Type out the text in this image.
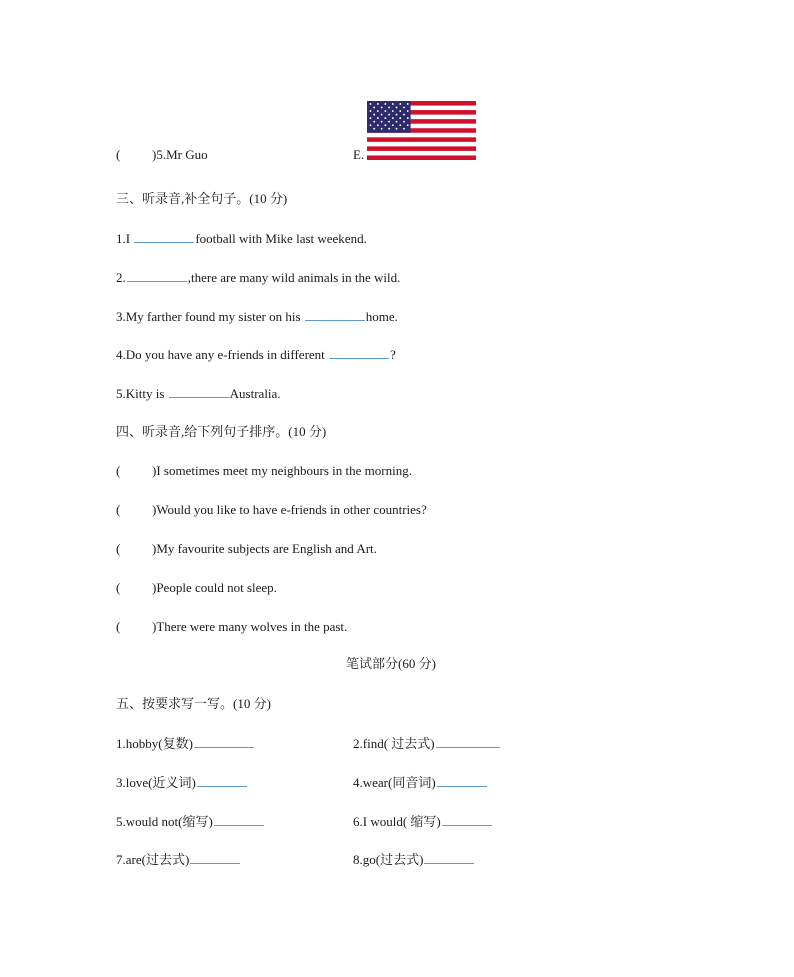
( )5.Mr Guo	E.
三、听录音,补全句子。(10 分)
1.I	football with Mike last weekend.
2.	,there are many wild animals in the wild.
3.My farther found my sister on his	home.
4.Do you have any e-friends in different	?
5.Kitty is	Australia.
四、听录音,给下列句子排序。(10 分)
( )I sometimes meet my neighbours in the morning.
( )Would you like to have e-friends in other countries?
( )My favourite subjects are English and Art.
( )People could not sleep.
( )There were many wolves in the past.
笔试部分(60 分)
五、按要求写一写。(10 分)
1.hobby(复数)	2.find( 过去式)
3.love(近义词)	4.wear(同音词)
5.would not(缩写)	6.I would( 缩写)
7.are(过去式)	8.go(过去式)
